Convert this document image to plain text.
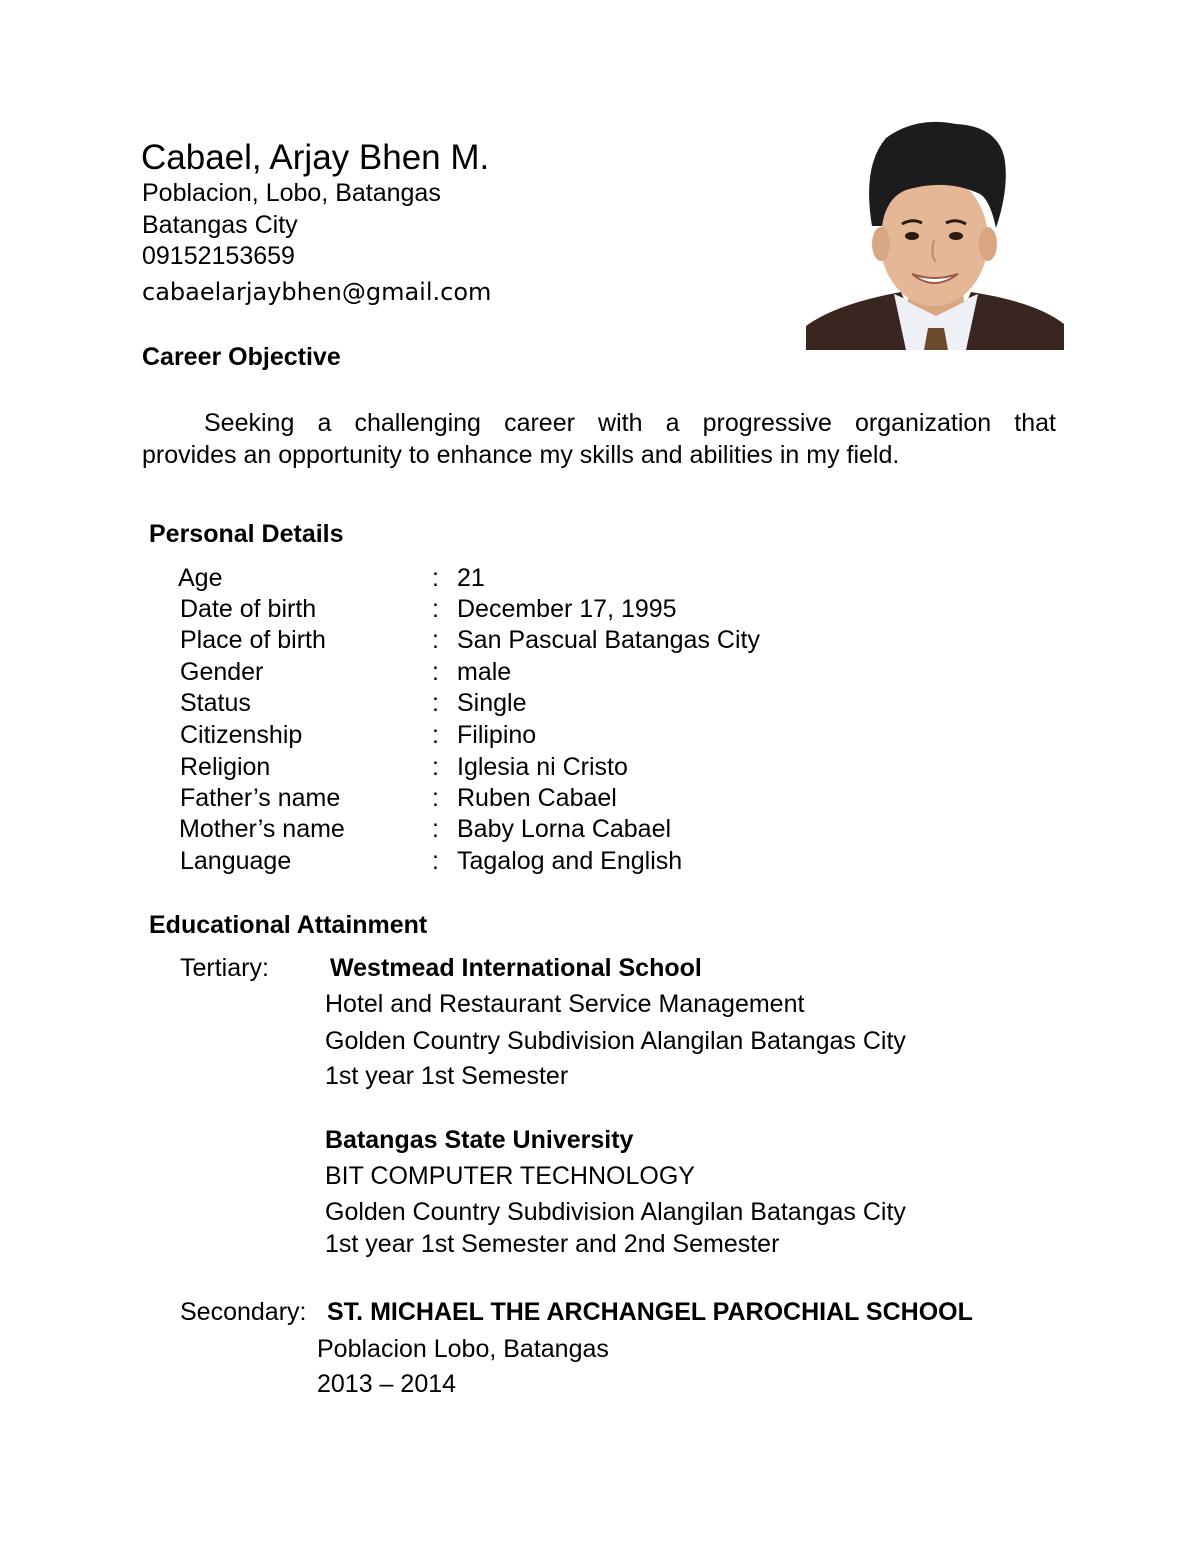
Cabael, Arjay Bhen M.
Poblacion, Lobo, Batangas
Batangas City
09152153659
cabaelarjaybhen@gmail.com
Career Objective
Seeking a challenging career with a progressive organization that
provides an opportunity to enhance my skills and abilities in my field.
Personal Details
Age	: 21
Date of birth	: December 17, 1995
Place of birth	: San Pascual Batangas City
Gender	: male
Status	: Single
Citizenship	: Filipino
Religion	: Iglesia ni Cristo
Father’s name	: Ruben Cabael
Mother’s name	: Baby Lorna Cabael
Language	: Tagalog and English
Educational Attainment
Tertiary: Westmead International School
Hotel and Restaurant Service Management
Golden Country Subdivision Alangilan Batangas City
1st year 1st Semester
Batangas State University
BIT COMPUTER TECHNOLOGY
Golden Country Subdivision Alangilan Batangas City
1st year 1st Semester and 2nd Semester
Secondary: ST. MICHAEL THE ARCHANGEL PAROCHIAL SCHOOL
Poblacion Lobo, Batangas
2013 – 2014
